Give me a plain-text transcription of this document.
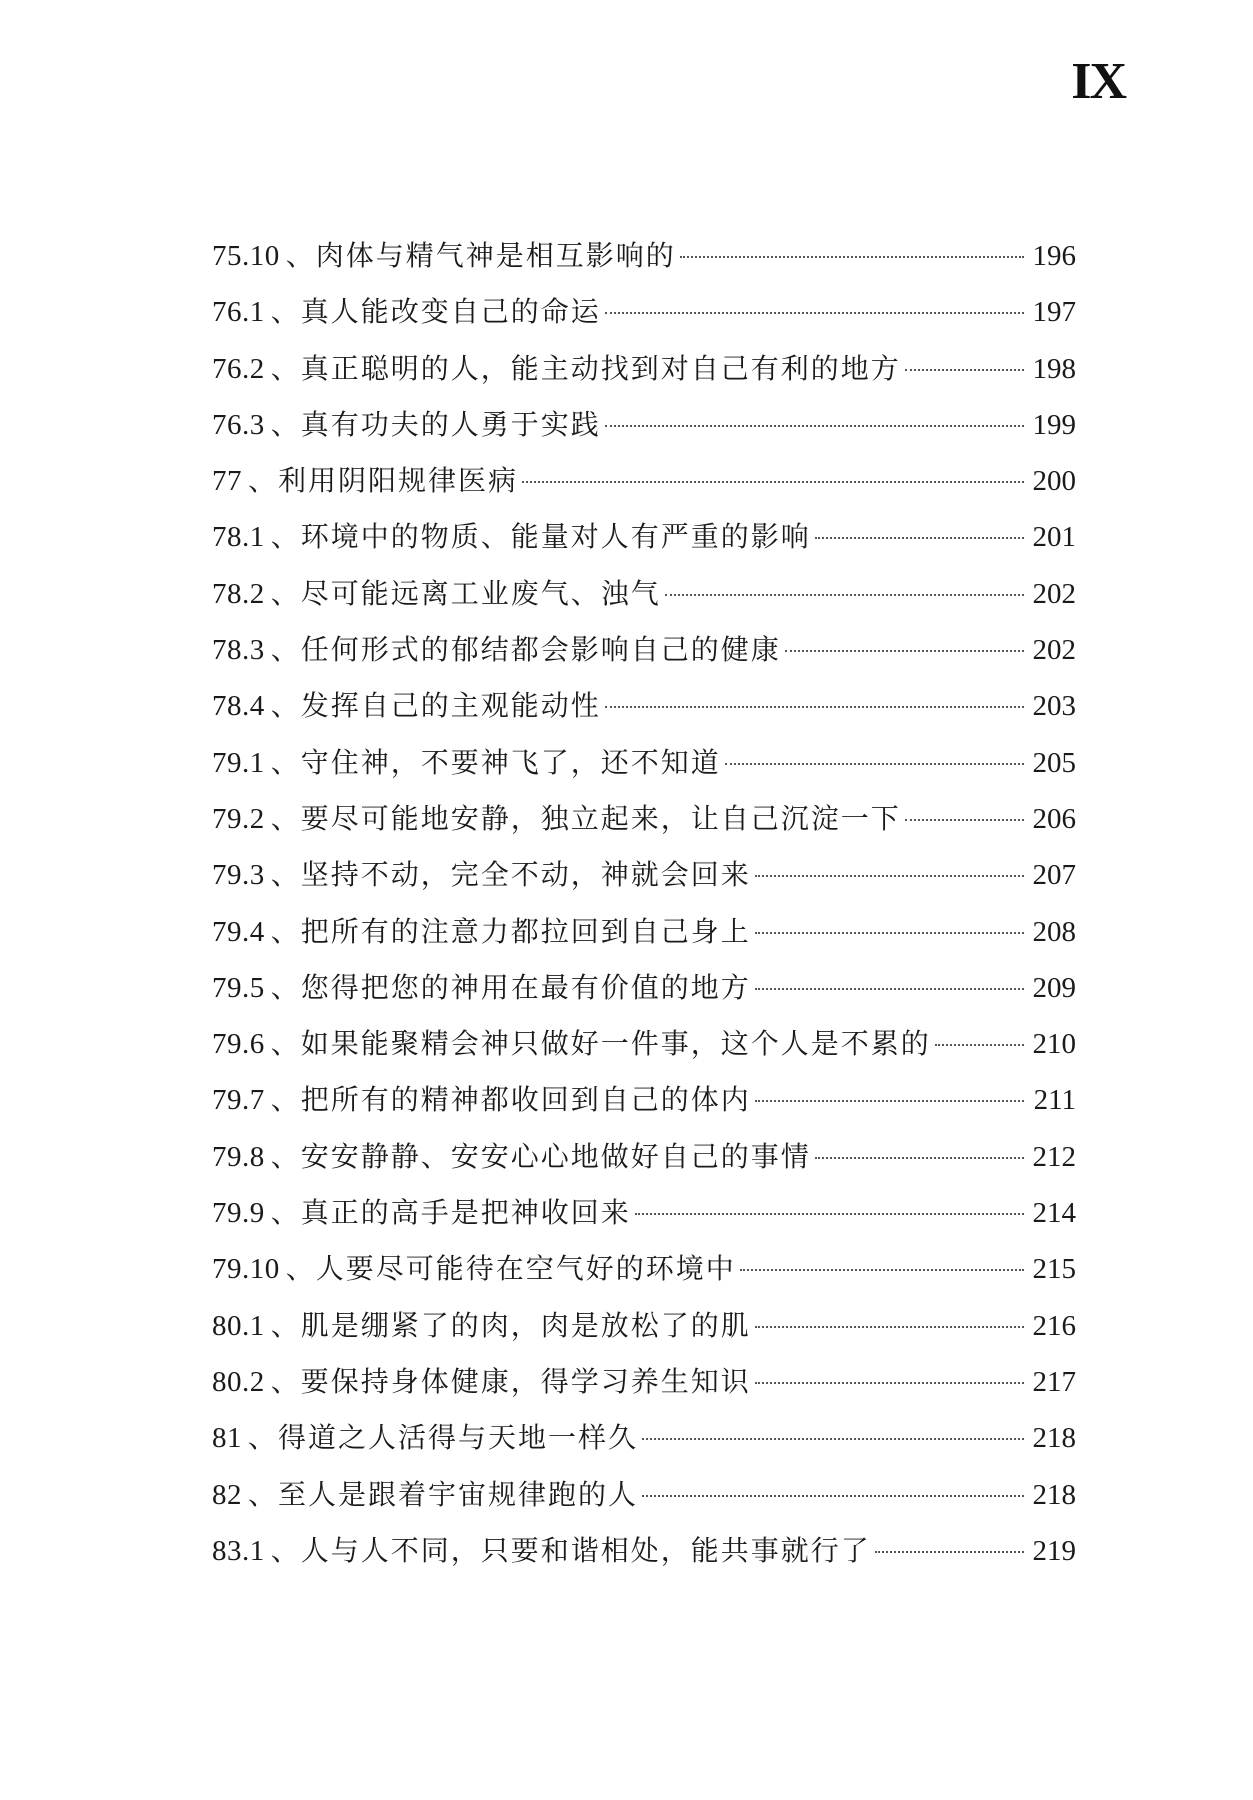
IX
75.10 、 肉体与精气神是相互影响的	196
76.1 、 真人能改变自己的命运	197
76.2 、 真正聪明的人，能主动找到对自己有利的地方	198
76.3 、 真有功夫的人勇于实践	199
77 、 利用阴阳规律医病	200
78.1 、 环境中的物质、能量对人有严重的影响	201
78.2 、 尽可能远离工业废气、浊气	202
78.3 、 任何形式的郁结都会影响自己的健康	202
78.4 、 发挥自己的主观能动性	203
79.1 、 守住神，不要神飞了，还不知道	205
79.2 、 要尽可能地安静，独立起来，让自己沉淀一下	206
79.3 、 坚持不动，完全不动，神就会回来	207
79.4 、 把所有的注意力都拉回到自己身上	208
79.5 、 您得把您的神用在最有价值的地方	209
79.6 、 如果能聚精会神只做好一件事，这个人是不累的	210
79.7 、 把所有的精神都收回到自己的体内	211
79.8 、 安安静静、安安心心地做好自己的事情	212
79.9 、 真正的高手是把神收回来	214
79.10 、 人要尽可能待在空气好的环境中	215
80.1 、 肌是绷紧了的肉，肉是放松了的肌	216
80.2 、 要保持身体健康，得学习养生知识	217
81 、 得道之人活得与天地一样久	218
82 、 至人是跟着宇宙规律跑的人	218
83.1 、 人与人不同，只要和谐相处，能共事就行了	219
